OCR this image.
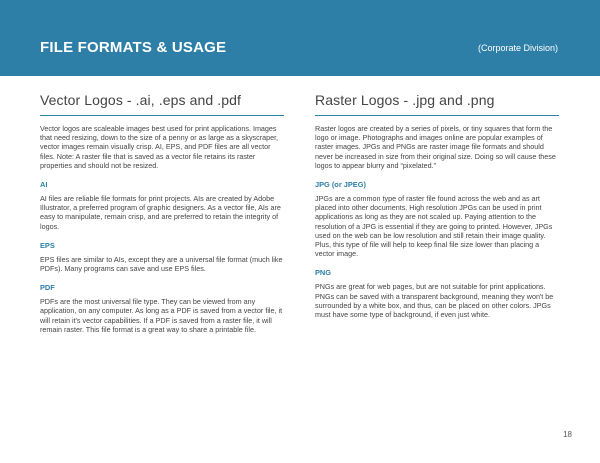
FILE FORMATS & USAGE	(Corporate Division)
Vector Logos - .ai, .eps and .pdf

Vector logos are scaleable images best used for print applications. Images that need resizing, down to the size of a penny or as large as a skyscraper, vector images remain visually crisp. AI, EPS, and PDF files are all vector files. Note: A raster file that is saved as a vector file retains its raster properties and should not be resized.

AI

AI files are reliable file formats for print projects. AIs are created by Adobe Illustrator, a preferred program of graphic designers. As a vector file, AIs are easy to manipulate, remain crisp, and are preferred to retain the integrity of logos.

EPS

EPS files are similar to AIs, except they are a universal file format (much like PDFs). Many programs can save and use EPS files.

PDF

PDFs are the most universal file type. They can be viewed from any application, on any computer. As long as a PDF is saved from a vector file, it will retain it's vector capabilities. If a PDF is saved from a raster file, it will remain raster. This file format is a great way to share a printable file.

Raster Logos - .jpg and .png

Raster logos are created by a series of pixels, or tiny squares that form the logo or image. Photographs and images online are popular examples of raster images. JPGs and PNGs are raster image file formats and should never be increased in size from their original size. Doing so will cause these logos to appear blurry and “pixelated.”

JPG (or JPEG)

JPGs are a common type of raster file found across the web and as art placed into other documents. High resolution JPGs can be used in print applications as long as they are not scaled up. Paying attention to the resolution of a JPG is essential if they are going to printed. However, JPGs used on the web can be low resolution and still retain their image quality. Plus, this type of file will help to keep final file size lower than placing a vector image.

PNG

PNGs are great for web pages, but are not suitable for print applications. PNGs can be saved with a transparent background, meaning they won't be surrounded by a white box, and thus, can be placed on other colors. JPGs must have some type of background, if even just white.

18
